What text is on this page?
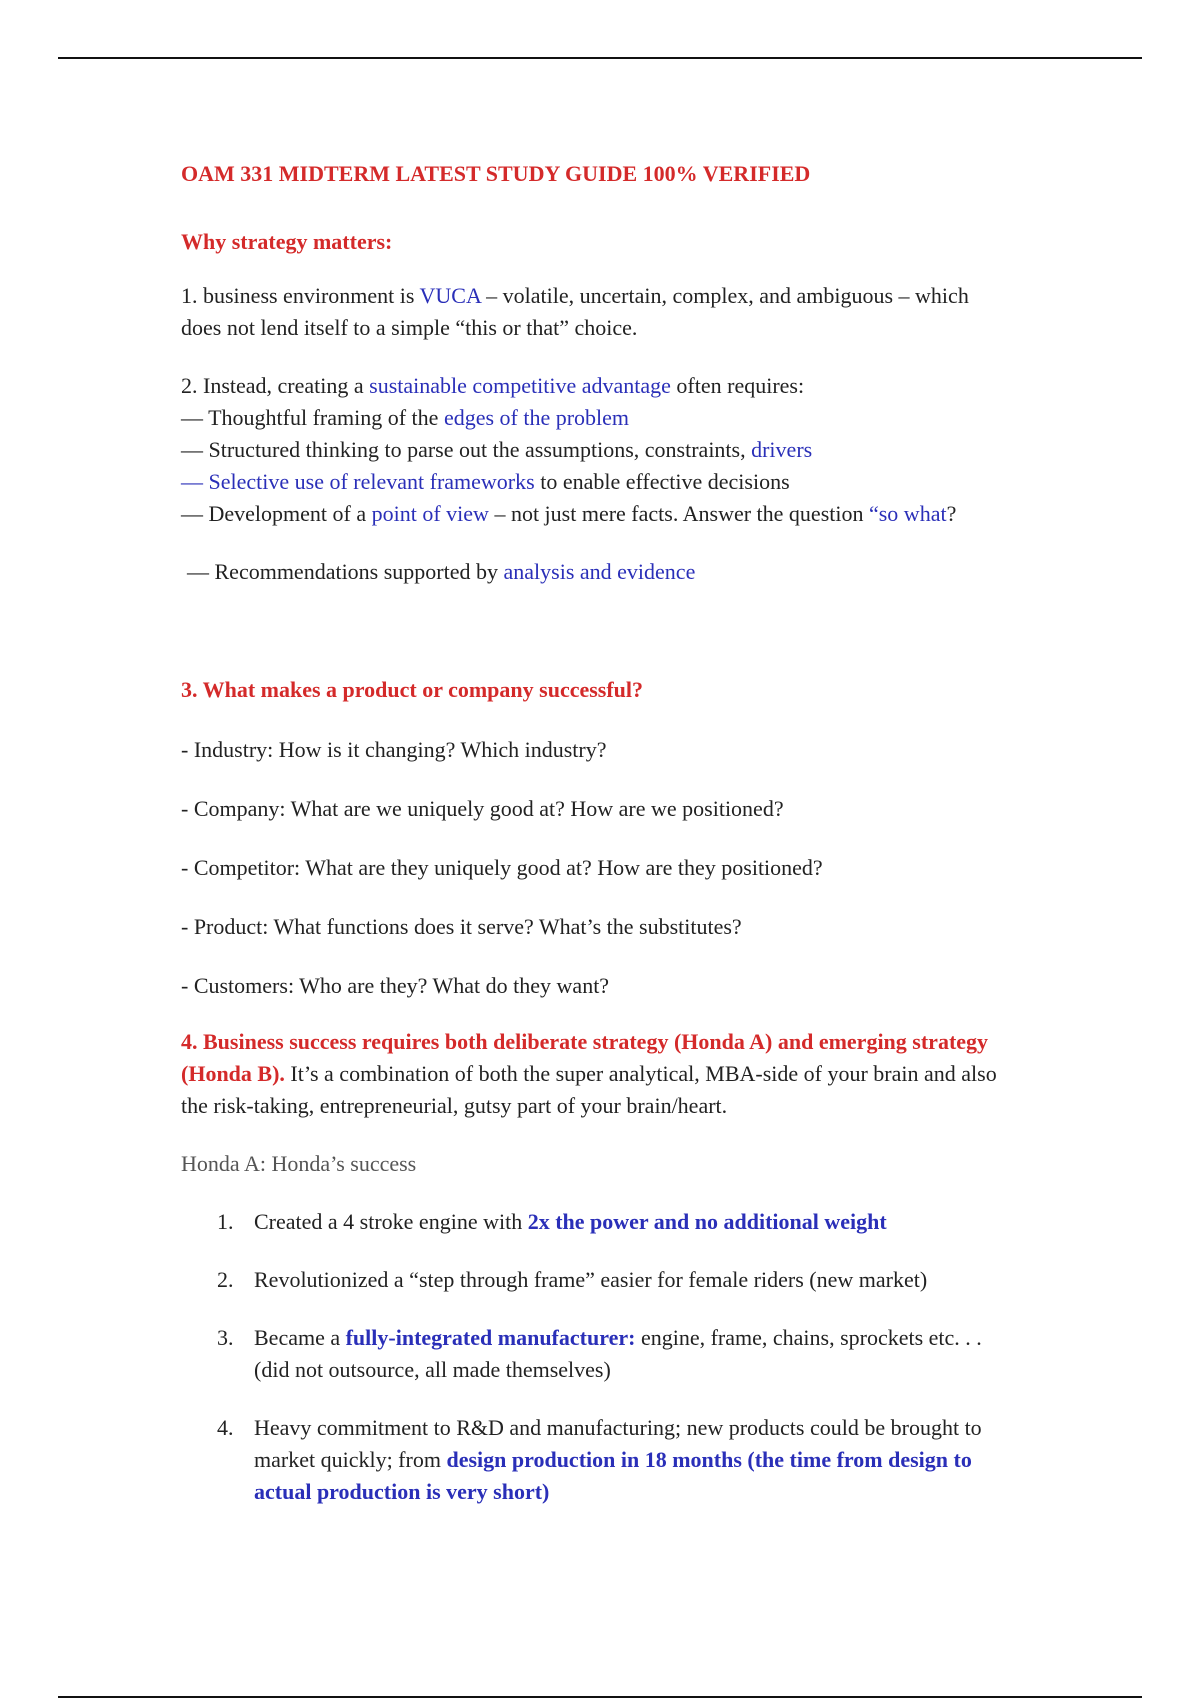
OAM 331 MIDTERM LATEST STUDY GUIDE 100% VERIFIED

Why strategy matters:

1. business environment is VUCA – volatile, uncertain, complex, and ambiguous – which does not lend itself to a simple “this or that” choice.

2. Instead, creating a sustainable competitive advantage often requires:

— Thoughtful framing of the edges of the problem

— Structured thinking to parse out the assumptions, constraints, drivers

— Selective use of relevant frameworks to enable effective decisions

— Development of a point of view – not just mere facts. Answer the question “so what?

— Recommendations supported by analysis and evidence

3. What makes a product or company successful?

- Industry: How is it changing? Which industry?

- Company: What are we uniquely good at? How are we positioned?

- Competitor: What are they uniquely good at? How are they positioned?

- Product: What functions does it serve? What’s the substitutes?

- Customers: Who are they? What do they want?

4. Business success requires both deliberate strategy (Honda A) and emerging strategy (Honda B). It’s a combination of both the super analytical, MBA-side of your brain and also the risk-taking, entrepreneurial, gutsy part of your brain/heart.

Honda A: Honda’s success

1. Created a 4 stroke engine with 2x the power and no additional weight
2. Revolutionized a “step through frame” easier for female riders (new market)
3. Became a fully-integrated manufacturer: engine, frame, chains, sprockets etc. . . (did not outsource, all made themselves)
4. Heavy commitment to R&D and manufacturing; new products could be brought to market quickly; from design production in 18 months (the time from design to actual production is very short)
